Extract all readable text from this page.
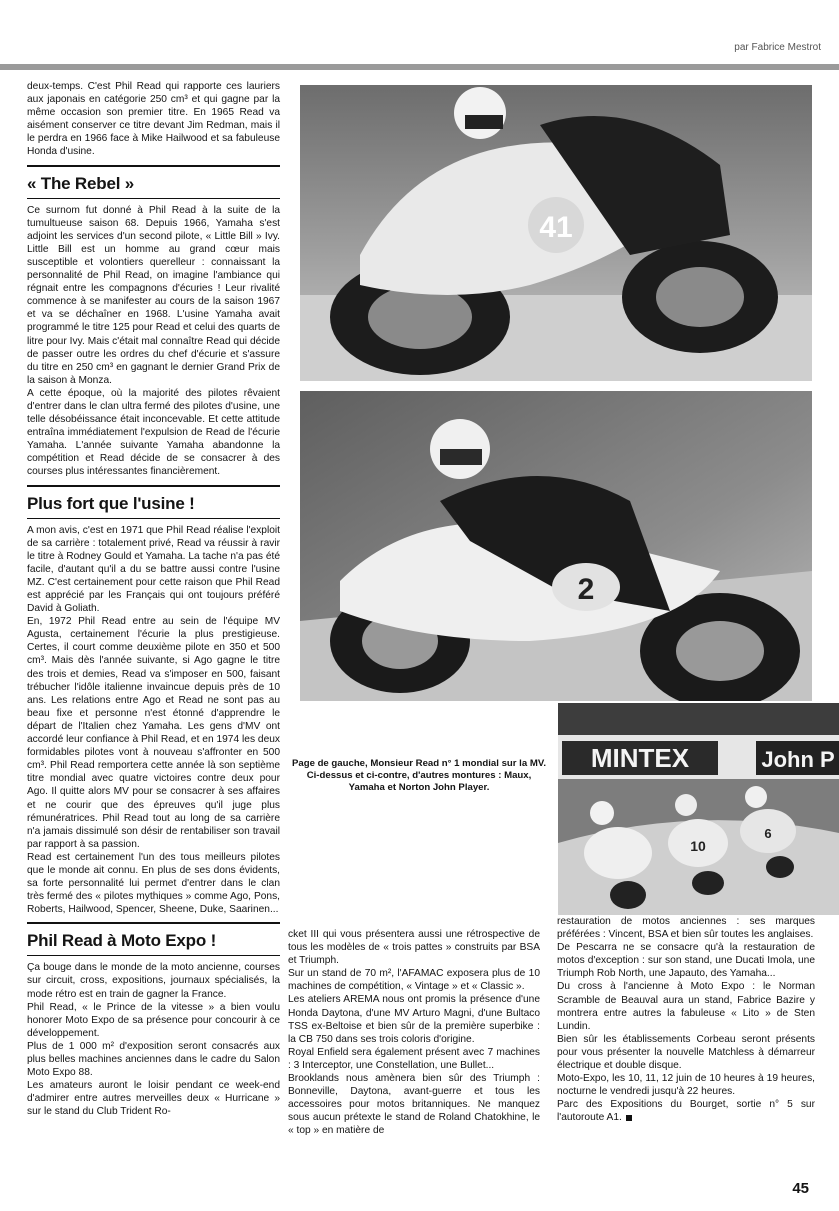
par Fabrice Mestrot

deux-temps. C'est Phil Read qui rapporte ces lauriers aux japonais en catégorie 250 cm³ et qui gagne par la même occasion son premier titre. En 1965 Read va aisément conserver ce titre devant Jim Redman, mais il le perdra en 1966 face à Mike Hailwood et sa fabuleuse Honda d'usine.

« The Rebel »

Ce surnom fut donné à Phil Read à la suite de la tumultueuse saison 68. Depuis 1966, Yamaha s'est adjoint les services d'un second pilote, « Little Bill » Ivy. Little Bill est un homme au grand cœur mais susceptible et volontiers querelleur : connaissant la personnalité de Phil Read, on imagine l'ambiance qui régnait entre les compagnons d'écuries ! Leur rivalité commence à se manifester au cours de la saison 1967 et va se déchaîner en 1968. L'usine Yamaha avait programmé le titre 125 pour Read et celui des quarts de litre pour Ivy. Mais c'était mal connaître Read qui décide de passer outre les ordres du chef d'écurie et s'assure du titre en 250 cm³ en gagnant le dernier Grand Prix de la saison à Monza.

A cette époque, où la majorité des pilotes rêvaient d'entrer dans le clan ultra fermé des pilotes d'usine, une telle désobéissance était inconcevable. Et cette attitude entraîna immédiatement l'expulsion de Read de l'écurie Yamaha. L'année suivante Yamaha abandonne la compétition et Read décide de se consacrer à des courses plus intéressantes financièrement.

Plus fort que l'usine !

A mon avis, c'est en 1971 que Phil Read réalise l'exploit de sa carrière : totalement privé, Read va réussir à ravir le titre à Rodney Gould et Yamaha. La tache n'a pas été facile, d'autant qu'il a du se battre aussi contre l'usine MZ. C'est certainement pour cette raison que Phil Read est apprécié par les Français qui ont toujours préféré David à Goliath.

En, 1972 Phil Read entre au sein de l'équipe MV Agusta, certainement l'écurie la plus prestigieuse. Certes, il court comme deuxième pilote en 350 et 500 cm³. Mais dès l'année suivante, si Ago gagne le titre des trois et demies, Read va s'imposer en 500, faisant trébucher l'idôle italienne invaincue depuis près de 10 ans. Les relations entre Ago et Read ne sont pas au beau fixe et personne n'est étonné d'apprendre le départ de l'Italien chez Yamaha. Les gens d'MV ont accordé leur confiance à Phil Read, et en 1974 les deux formidables pilotes vont à nouveau s'affronter en 500 cm³. Phil Read remportera cette année là son septième titre mondial avec quatre victoires contre deux pour Ago. Il quitte alors MV pour se consacrer à ses affaires et ne courir que des épreuves qu'il juge plus rémunératrices. Phil Read tout au long de sa carrière n'a jamais dissimulé son désir de rentabiliser son travail par rapport à sa passion.

Read est certainement l'un des tous meilleurs pilotes que le monde ait connu. En plus de ses dons évidents, sa forte personnalité lui permet d'entrer dans le clan très fermé des « pilotes mythiques » comme Ago, Pons, Roberts, Hailwood, Spencer, Sheene, Duke, Saarinen...

Phil Read à Moto Expo !

Ça bouge dans le monde de la moto ancienne, courses sur circuit, cross, expositions, journaux spécialisés, la mode rétro est en train de gagner la France.

Phil Read, « le Prince de la vitesse » a bien voulu honorer Moto Expo de sa présence pour concourir à ce développement.

Plus de 1 000 m² d'exposition seront consacrés aux plus belles machines anciennes dans le cadre du Salon Moto Expo 88.

Les amateurs auront le loisir pendant ce week-end d'admirer entre autres merveilles deux « Hurricane » sur le stand du Club Trident Ro-

41
2
MINTEX	John P
10
6
Page de gauche, Monsieur Read n° 1 mondial sur la MV.
Ci-dessus et ci-contre, d'autres montures : Maux, Yamaha et Norton John Player.

cket III qui vous présentera aussi une rétrospective de tous les modèles de « trois pattes » construits par BSA et Triumph.

Sur un stand de 70 m², l'AFAMAC exposera plus de 10 machines de compétition, « Vintage » et « Classic ».

Les ateliers AREMA nous ont promis la présence d'une Honda Daytona, d'une MV Arturo Magni, d'une Bultaco TSS ex-Beltoise et bien sûr de la première superbike : la CB 750 dans ses trois coloris d'origine.

Royal Enfield sera également présent avec 7 machines : 3 Interceptor, une Constellation, une Bullet...

Brooklands nous amènera bien sûr des Triumph : Bonneville, Daytona, avant-guerre et tous les accessoires pour motos britanniques. Ne manquez sous aucun prétexte le stand de Roland Chatokhine, le « top » en matière de

restauration de motos anciennes : ses marques préférées : Vincent, BSA et bien sûr toutes les anglaises.

De Pescarra ne se consacre qu'à la restauration de motos d'exception : sur son stand, une Ducati Imola, une Triumph Rob North, une Japauto, des Yamaha...

Du cross à l'ancienne à Moto Expo : le Norman Scramble de Beauval aura un stand, Fabrice Bazire y montrera entre autres la fabuleuse « Lito » de Sten Lundin.

Bien sûr les établissements Corbeau seront présents pour vous présenter la nouvelle Matchless à démarreur électrique et double disque.

Moto-Expo, les 10, 11, 12 juin de 10 heures à 19 heures, nocturne le vendredi jusqu'à 22 heures.

Parc des Expositions du Bourget, sortie n° 5 sur l'autoroute A1.

45
